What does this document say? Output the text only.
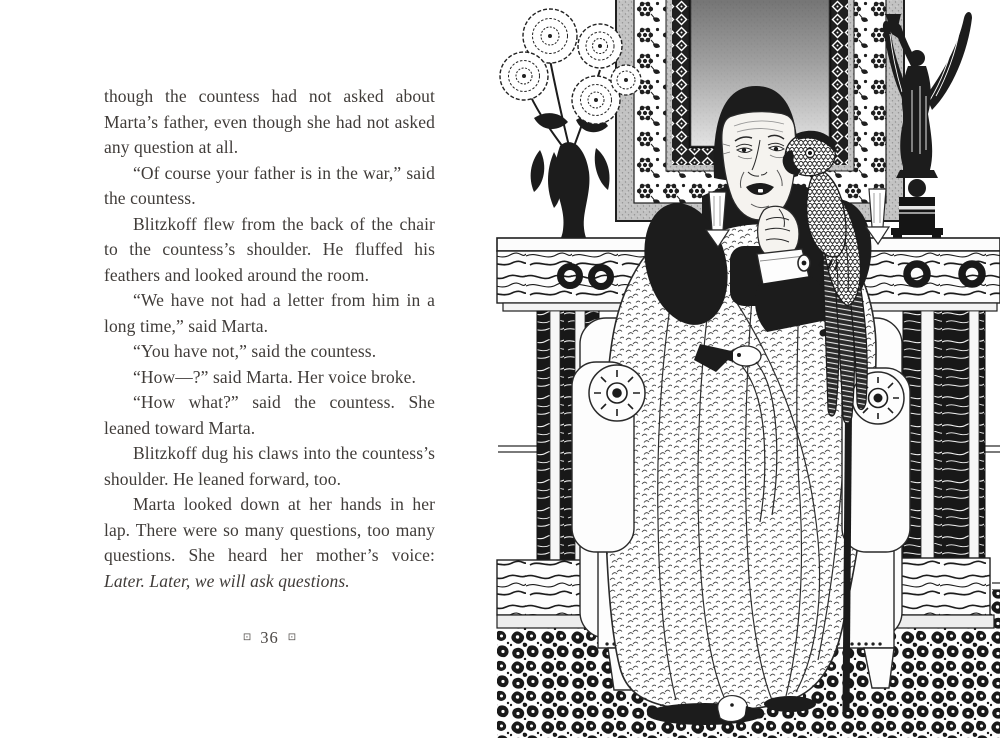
though the countess had not asked about Marta’s father, even though she had not asked any question at all.

“Of course your father is in the war,” said the countess.

Blitzkoff flew from the back of the chair to the countess’s shoulder. He fluffed his feathers and looked around the room.

“We have not had a letter from him in a long time,” said Marta.

“You have not,” said the countess.

“How—?” said Marta. Her voice broke.

“How what?” said the countess. She leaned toward Marta.

Blitzkoff dug his claws into the countess’s shoulder. He leaned forward, too.

Marta looked down at her hands in her lap. There were so many questions, too many questions. She heard her mother’s voice: Later. Later, we will ask questions.

⊡ 36 ⊡
